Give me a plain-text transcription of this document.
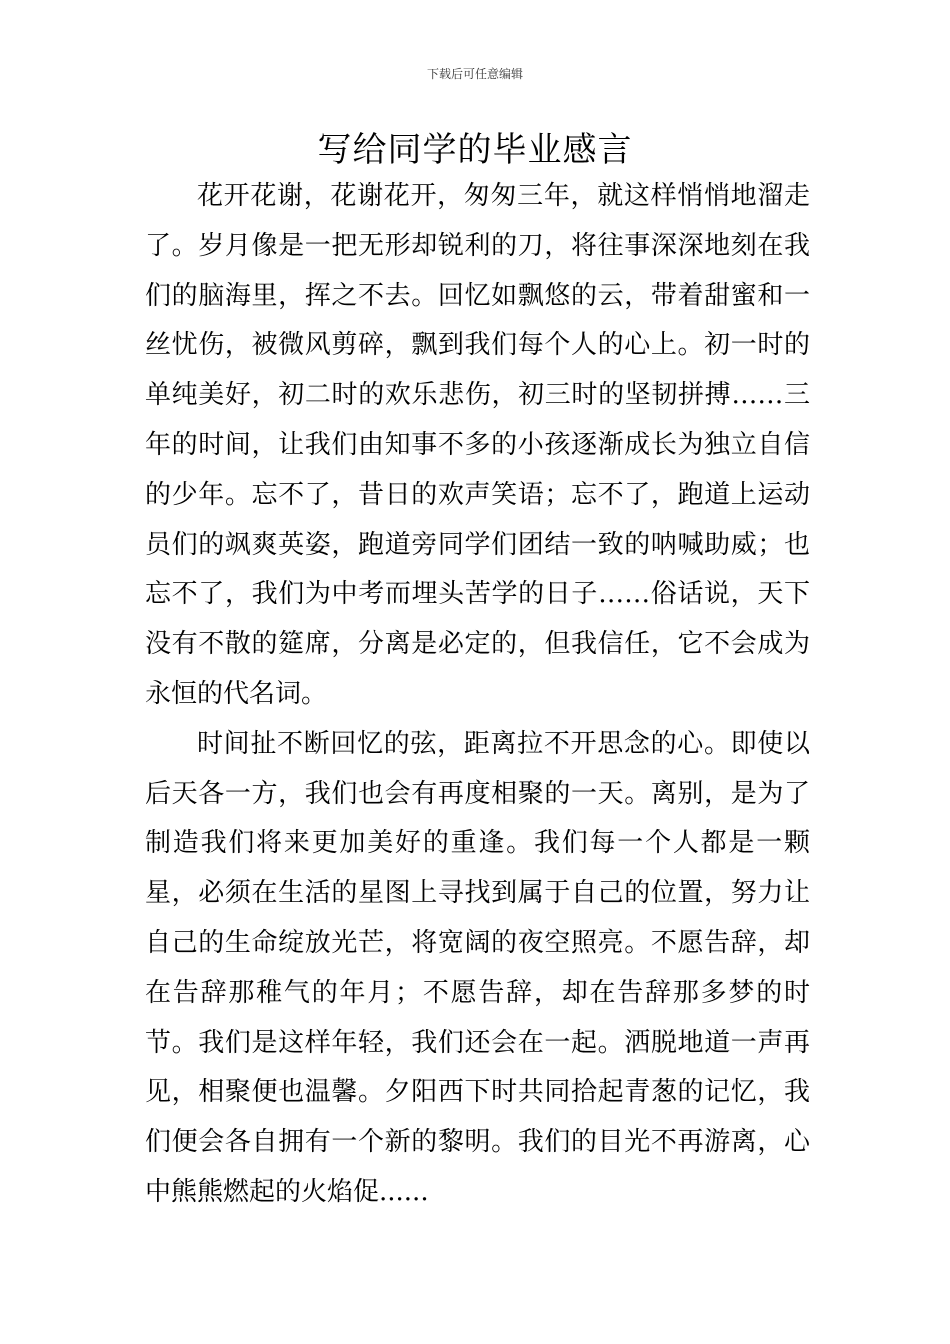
下载后可任意编辑
写给同学的毕业感言

花开花谢，花谢花开，匆匆三年，就这样悄悄地溜走了。岁月像是一把无形却锐利的刀，将往事深深地刻在我们的脑海里，挥之不去。回忆如飘悠的云，带着甜蜜和一丝忧伤，被微风剪碎，飘到我们每个人的心上。初一时的单纯美好，初二时的欢乐悲伤，初三时的坚韧拼搏……三年的时间，让我们由知事不多的小孩逐渐成长为独立自信的少年。忘不了，昔日的欢声笑语；忘不了，跑道上运动员们的飒爽英姿，跑道旁同学们团结一致的呐喊助威；也忘不了，我们为中考而埋头苦学的日子……俗话说，天下没有不散的筵席，分离是必定的，但我信任，它不会成为永恒的代名词。

时间扯不断回忆的弦，距离拉不开思念的心。即使以后天各一方，我们也会有再度相聚的一天。离别，是为了制造我们将来更加美好的重逢。我们每一个人都是一颗星，必须在生活的星图上寻找到属于自己的位置，努力让自己的生命绽放光芒，将宽阔的夜空照亮。不愿告辞，却在告辞那稚气的年月；不愿告辞，却在告辞那多梦的时节。我们是这样年轻，我们还会在一起。洒脱地道一声再见，相聚便也温馨。夕阳西下时共同拾起青葱的记忆，我们便会各自拥有一个新的黎明。我们的目光不再游离，心中熊熊燃起的火焰促......
